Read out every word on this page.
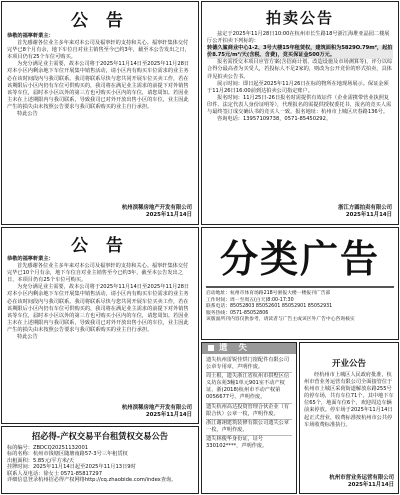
公 告

恭敬的福寧軒業主：

首先感谢各位业主多年来对本公司及福寧轩的支持和关心。福寧轩集体交付完毕已8个月有余，地下车位自对业主销售至今已约3年，截至本公告发出之日，本项目仍有25个车位可购买。

为充分满足业主需要，故本公司将于2025年11月14日至2025年11月28日对本小区内剩余地下车位开展集中销售活动，请小区内有购买车位需求的业主务必在该时间段内与我司联系。我司将联系尽快与您共同开展车位买卖工作，若在该期限后小区内仍有车位可供购买的，我司将在满足业主需求的前提下对外销售该等车位，届时本小区以外的第三方也可购买小区内的车位，请您周知。若因业主未在上述期限内与我司联系，导致我司已对外开放出售小区的车位，业主因此产生的损失由未按照公告要求与我司联系购买的业主自行承担。

特此公告

杭州滨稀房地产开发有限公司
2025年11月14日
拍卖公告

兹定于2025年11月28日10:00在杭州市长生路18号浙江海堆亚晶园二楼展厅公开拍卖下列标的：

转德久鲨商业中心1-2、3号大楼15年租赁权，建筑面积为5829O.79m²，起拍价8.75元/m²/天(含税、含费)，竞买保证金500万元。

报名需授交本项目应管方案(含招商计划、改造设施及市场测算等)，评分以综合得分最高者为买受人，若投标人不足2家的，则改为公开竞价的形式拍卖，具体详见拍卖公告书。

展示时间：即日起至2025年11月26日在标的物所在地现场展示。保证金须于11月26日16:00前到达拍卖公司指定账户。

报名时间：11月25日-26日报名时需提供有效证件（企业需携带营业执照复印件、法定代表人身份证明等），代理报名的需提供授权委托书，报名的竞买人需与最终签订成交确认书的竞买人一致。报名地址：杭州市上城区庆春路136号。

咨询电话：13957109738，0571-85450292。

浙江方圆拍卖有限公司
2025年11月14日
公 告

恭敬的福寧軒業主：

首先感谢各位业主多年来对本公司及福寧轩的支持和关心。福寧轩集体交付完毕已10个月有余，地下车位自对业主销售至今已约3年，截至本公告发出之日，本项目仍有25个车位可购买。

为充分满足业主需要，故本公司将于2025年11月14日至2025年11月28日对本小区内剩余地下车位开展集中销售活动，请小区内有购买车位需求的业主务必在该时间段内与我司联系。我司将联系尽快与您共同开展车位买卖工作，若在该期限后小区内仍有车位可供购买的，我司将在满足业主需求的前提下对外销售该等车位，届时本小区以外的第三方也可购买小区内的车位，请您周知。若因业主未在上述期限内与我司联系，导致我司已对外开放出售小区的车位，业主因此产生的损失由未按照公告要求与我司联系购买的业主自行承担。

特此公告

杭州滨稀房地产开发有限公司
2025年11月14日
招必得-产权交易平台租赁权交易公告

标的编号：ZBDCQ20251132001

标的名称：杭州市钱塘区随塘南路57-3号三年租赁权

出租面积：5.85元/平方米/天

挂牌时间：2025年11月14日起至2025年11月13日9时

联系人及电话：徐女士 0571-85817297

详细信息登录杭州招必得产权网络http://cq.zhaobide.com/index查询。

分类广告

启动地址：杭州市体育场路218号浙报大楼一楼报刊广告部

工作时间：周一至周五(白天)8:00-17:30

联系电话：85052803 85052601 85052901 85052931

服务热线：0571-85052806

该版面所刊内容仅供参考，请读者与广告主或该区外广告中心咨询核实

遗 失

遗失杭州雷锐佳烘门窗配件有限公司公章专用章，声明作废。

周士根，遗失浙江省杭州市拱墅区信义坊东苑3幢1单元901室不动产权证，浙(2018)杭州市不动产权第0056677号，声明作废。

遗失杭州高达投资管理合伙企业（有限合伙）公章一枚，声明作废。

浙江谢翊建筑装修有限公司遗失公章一枚，声明作废。

遗失林俊华身份证，证号330102****，声明作废。

开业公告

经杭州市上城区人民政府批准，杭州市营业务运营有限公司全面接管位于杭州市上城区采荷街道解放东路255号的停车场，共有车位71个，其中地下车位65个，地面车位6个，欢迎周边车辆前来停放。停车场于2025年11月14日起正式营业，收费标准按杭州市公共停车场收费标准执行。

杭州市营业务运营有限公司
2025年11月14日
